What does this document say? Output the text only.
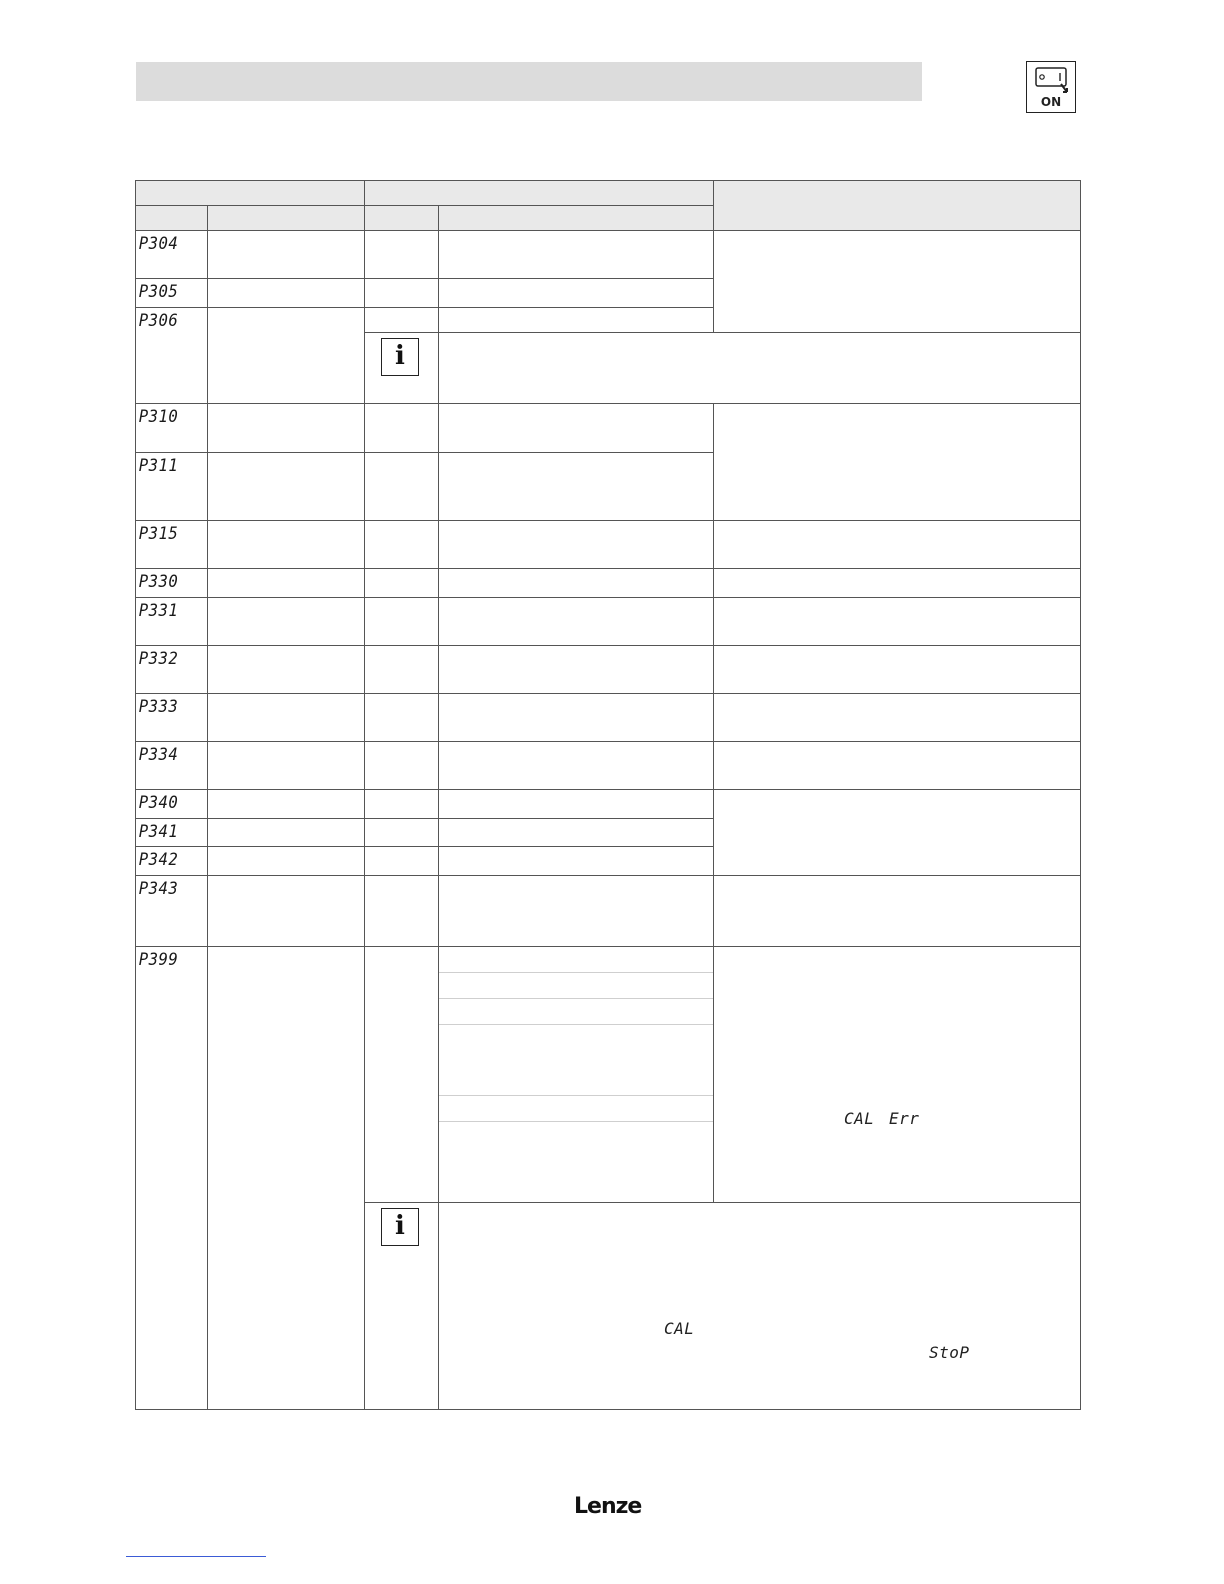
ON

P304				

P305				

P306				

		i		

P310				

P311				

P315				

P330				

P331				

P332				

P333				

P334				

P340				

P341				

P342				

P343				

P399				CAL Err

		i	CAL
StoP	
Lenze
